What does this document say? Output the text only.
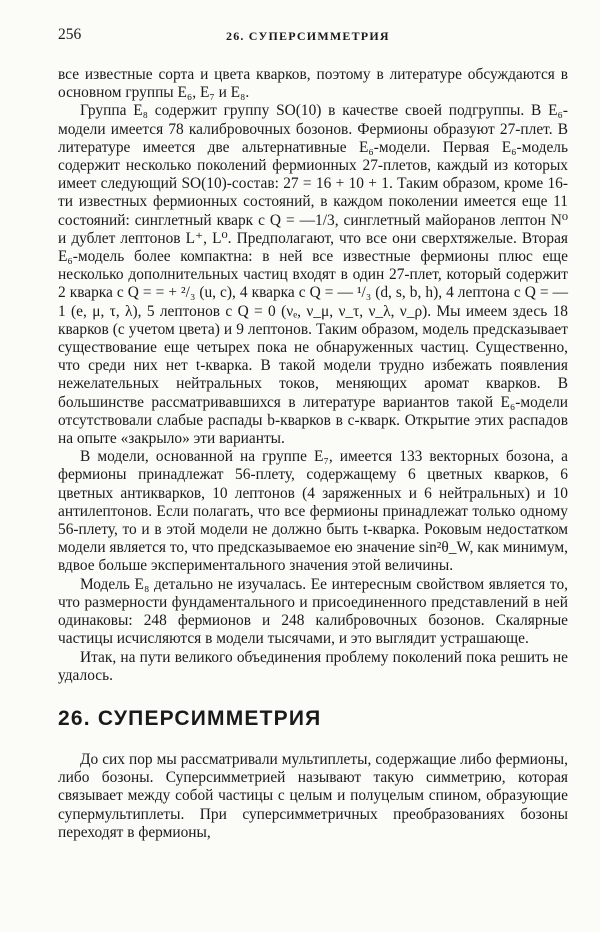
256	26. СУПЕРСИММЕТРИЯ

все известные сорта и цвета кварков, поэтому в литературе обсуждаются в основном группы E₆, E₇ и E₈.

Группа E₈ содержит группу SO(10) в качестве своей подгруппы. В E₆-модели имеется 78 калибровочных бозонов. Фермионы образуют 27-плет. В литературе имеется две альтернативные E₆-модели. Первая E₆-модель содержит несколько поколений фермионных 27-плетов, каждый из которых имеет следующий SO(10)-состав: 27 = 16 + 10 + 1. Таким образом, кроме 16-ти известных фермионных состояний, в каждом поколении имеется еще 11 состояний: синглетный кварк с Q = —1/3, синглетный майоранов лептон N⁰ и дублет лептонов L⁺, L⁰. Предполагают, что все они сверхтяжелые. Вторая E₆-модель более компактна: в ней все известные фермионы плюс еще несколько дополнительных частиц входят в один 27-плет, который содержит 2 кварка с Q = = + ²/₃ (u, c), 4 кварка с Q = — ¹/₃ (d, s, b, h), 4 лептона с Q = —1 (e, μ, τ, λ), 5 лептонов с Q = 0 (νₑ, ν_μ, ν_τ, ν_λ, ν_ρ). Мы имеем здесь 18 кварков (с учетом цвета) и 9 лептонов. Таким образом, модель предсказывает существование еще четырех пока не обнаруженных частиц. Существенно, что среди них нет t-кварка. В такой модели трудно избежать появления нежелательных нейтральных токов, меняющих аромат кварков. В большинстве рассматривавшихся в литературе вариантов такой E₆-модели отсутствовали слабые распады b-кварков в c-кварк. Открытие этих распадов на опыте «закрыло» эти варианты.

В модели, основанной на группе E₇, имеется 133 векторных бозона, а фермионы принадлежат 56-плету, содержащему 6 цветных кварков, 6 цветных антикварков, 10 лептонов (4 заряженных и 6 нейтральных) и 10 антилептонов. Если полагать, что все фермионы принадлежат только одному 56-плету, то и в этой модели не должно быть t-кварка. Роковым недостатком модели является то, что предсказываемое ею значение sin²θ_W, как минимум, вдвое больше экспериментального значения этой величины.

Модель E₈ детально не изучалась. Ее интересным свойством является то, что размерности фундаментального и присоединенного представлений в ней одинаковы: 248 фермионов и 248 калибровочных бозонов. Скалярные частицы исчисляются в модели тысячами, и это выглядит устрашающе.

Итак, на пути великого объединения проблему поколений пока решить не удалось.

26. СУПЕРСИММЕТРИЯ

До сих пор мы рассматривали мультиплеты, содержащие либо фермионы, либо бозоны. Суперсимметрией называют такую симметрию, которая связывает между собой частицы с целым и полуцелым спином, образующие супермультиплеты. При суперсимметричных преобразованиях бозоны переходят в фермионы,
